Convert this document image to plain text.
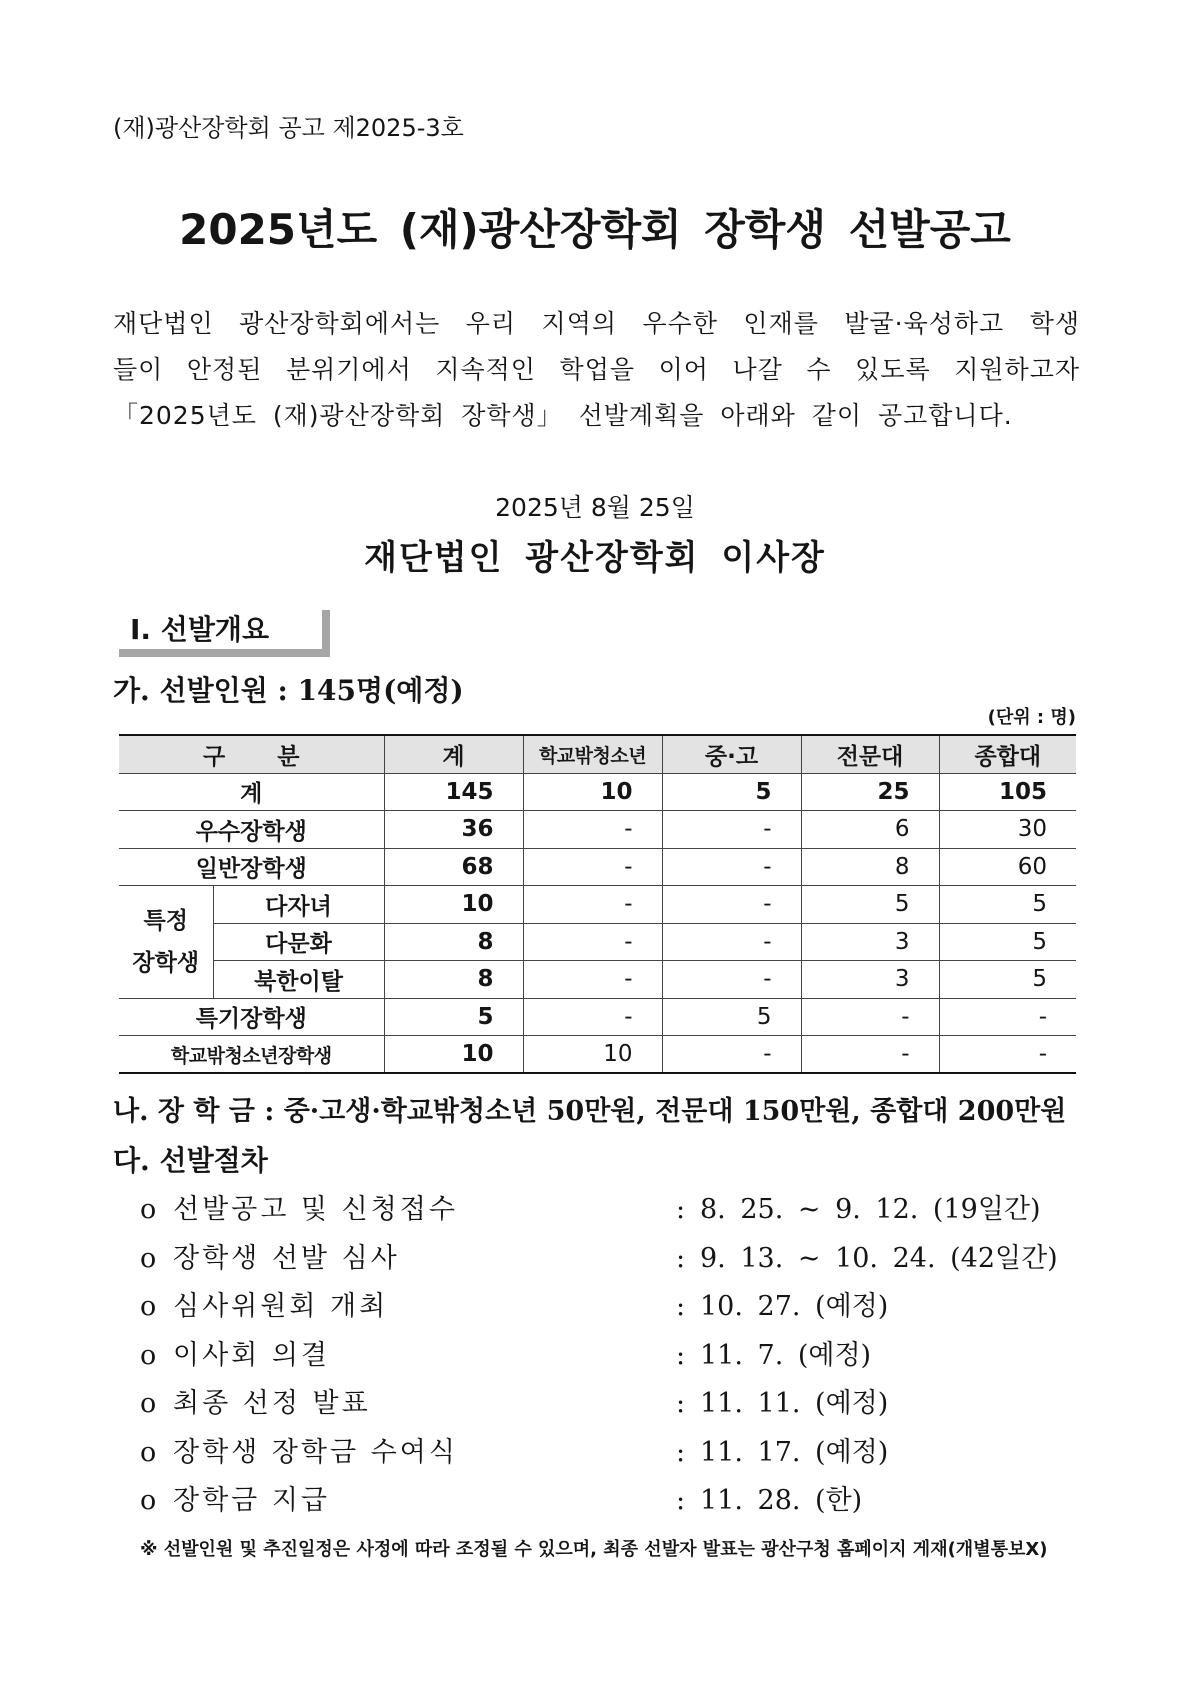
(재)광산장학회 공고 제2025-3호
2025년도 (재)광산장학회 장학생 선발공고
재단법인 광산장학회에서는 우리 지역의 우수한 인재를 발굴·육성하고 학생
들이 안정된 분위기에서 지속적인 학업을 이어 나갈 수 있도록 지원하고자
「2025년도 (재)광산장학회 장학생」 선발계획을 아래와 같이 공고합니다.
2025년 8월 25일
재단법인 광산장학회 이사장
Ⅰ. 선발개요
가. 선발인원 : 145명(예정)
(단위 : 명)
구 분		계	학교밖청소년	중·고	전문대	종합대
계		145	10	5	25	105
우수장학생		36	-	-	6	30
일반장학생		68	-	-	8	60
특정
장학생	다자녀	10	-	-	5	5
	다문화	8	-	-	3	5
	북한이탈	8	-	-	3	5
특기장학생		5	-	5	-	-
학교밖청소년장학생		10	10	-	-	-
나. 장 학 금 : 중·고생·학교밖청소년 50만원, 전문대 150만원, 종합대 200만원
다. 선발절차
o 선발공고 및 신청접수	: 8. 25. ~ 9. 12. (19일간)
o 장학생 선발 심사	: 9. 13. ~ 10. 24. (42일간)
o 심사위원회 개최	: 10. 27. (예정)
o 이사회 의결	: 11. 7. (예정)
o 최종 선정 발표	: 11. 11. (예정)
o 장학생 장학금 수여식	: 11. 17. (예정)
o 장학금 지급	: 11. 28. (한)
※ 선발인원 및 추진일정은 사정에 따라 조정될 수 있으며, 최종 선발자 발표는 광산구청 홈페이지 게재(개별통보X)
